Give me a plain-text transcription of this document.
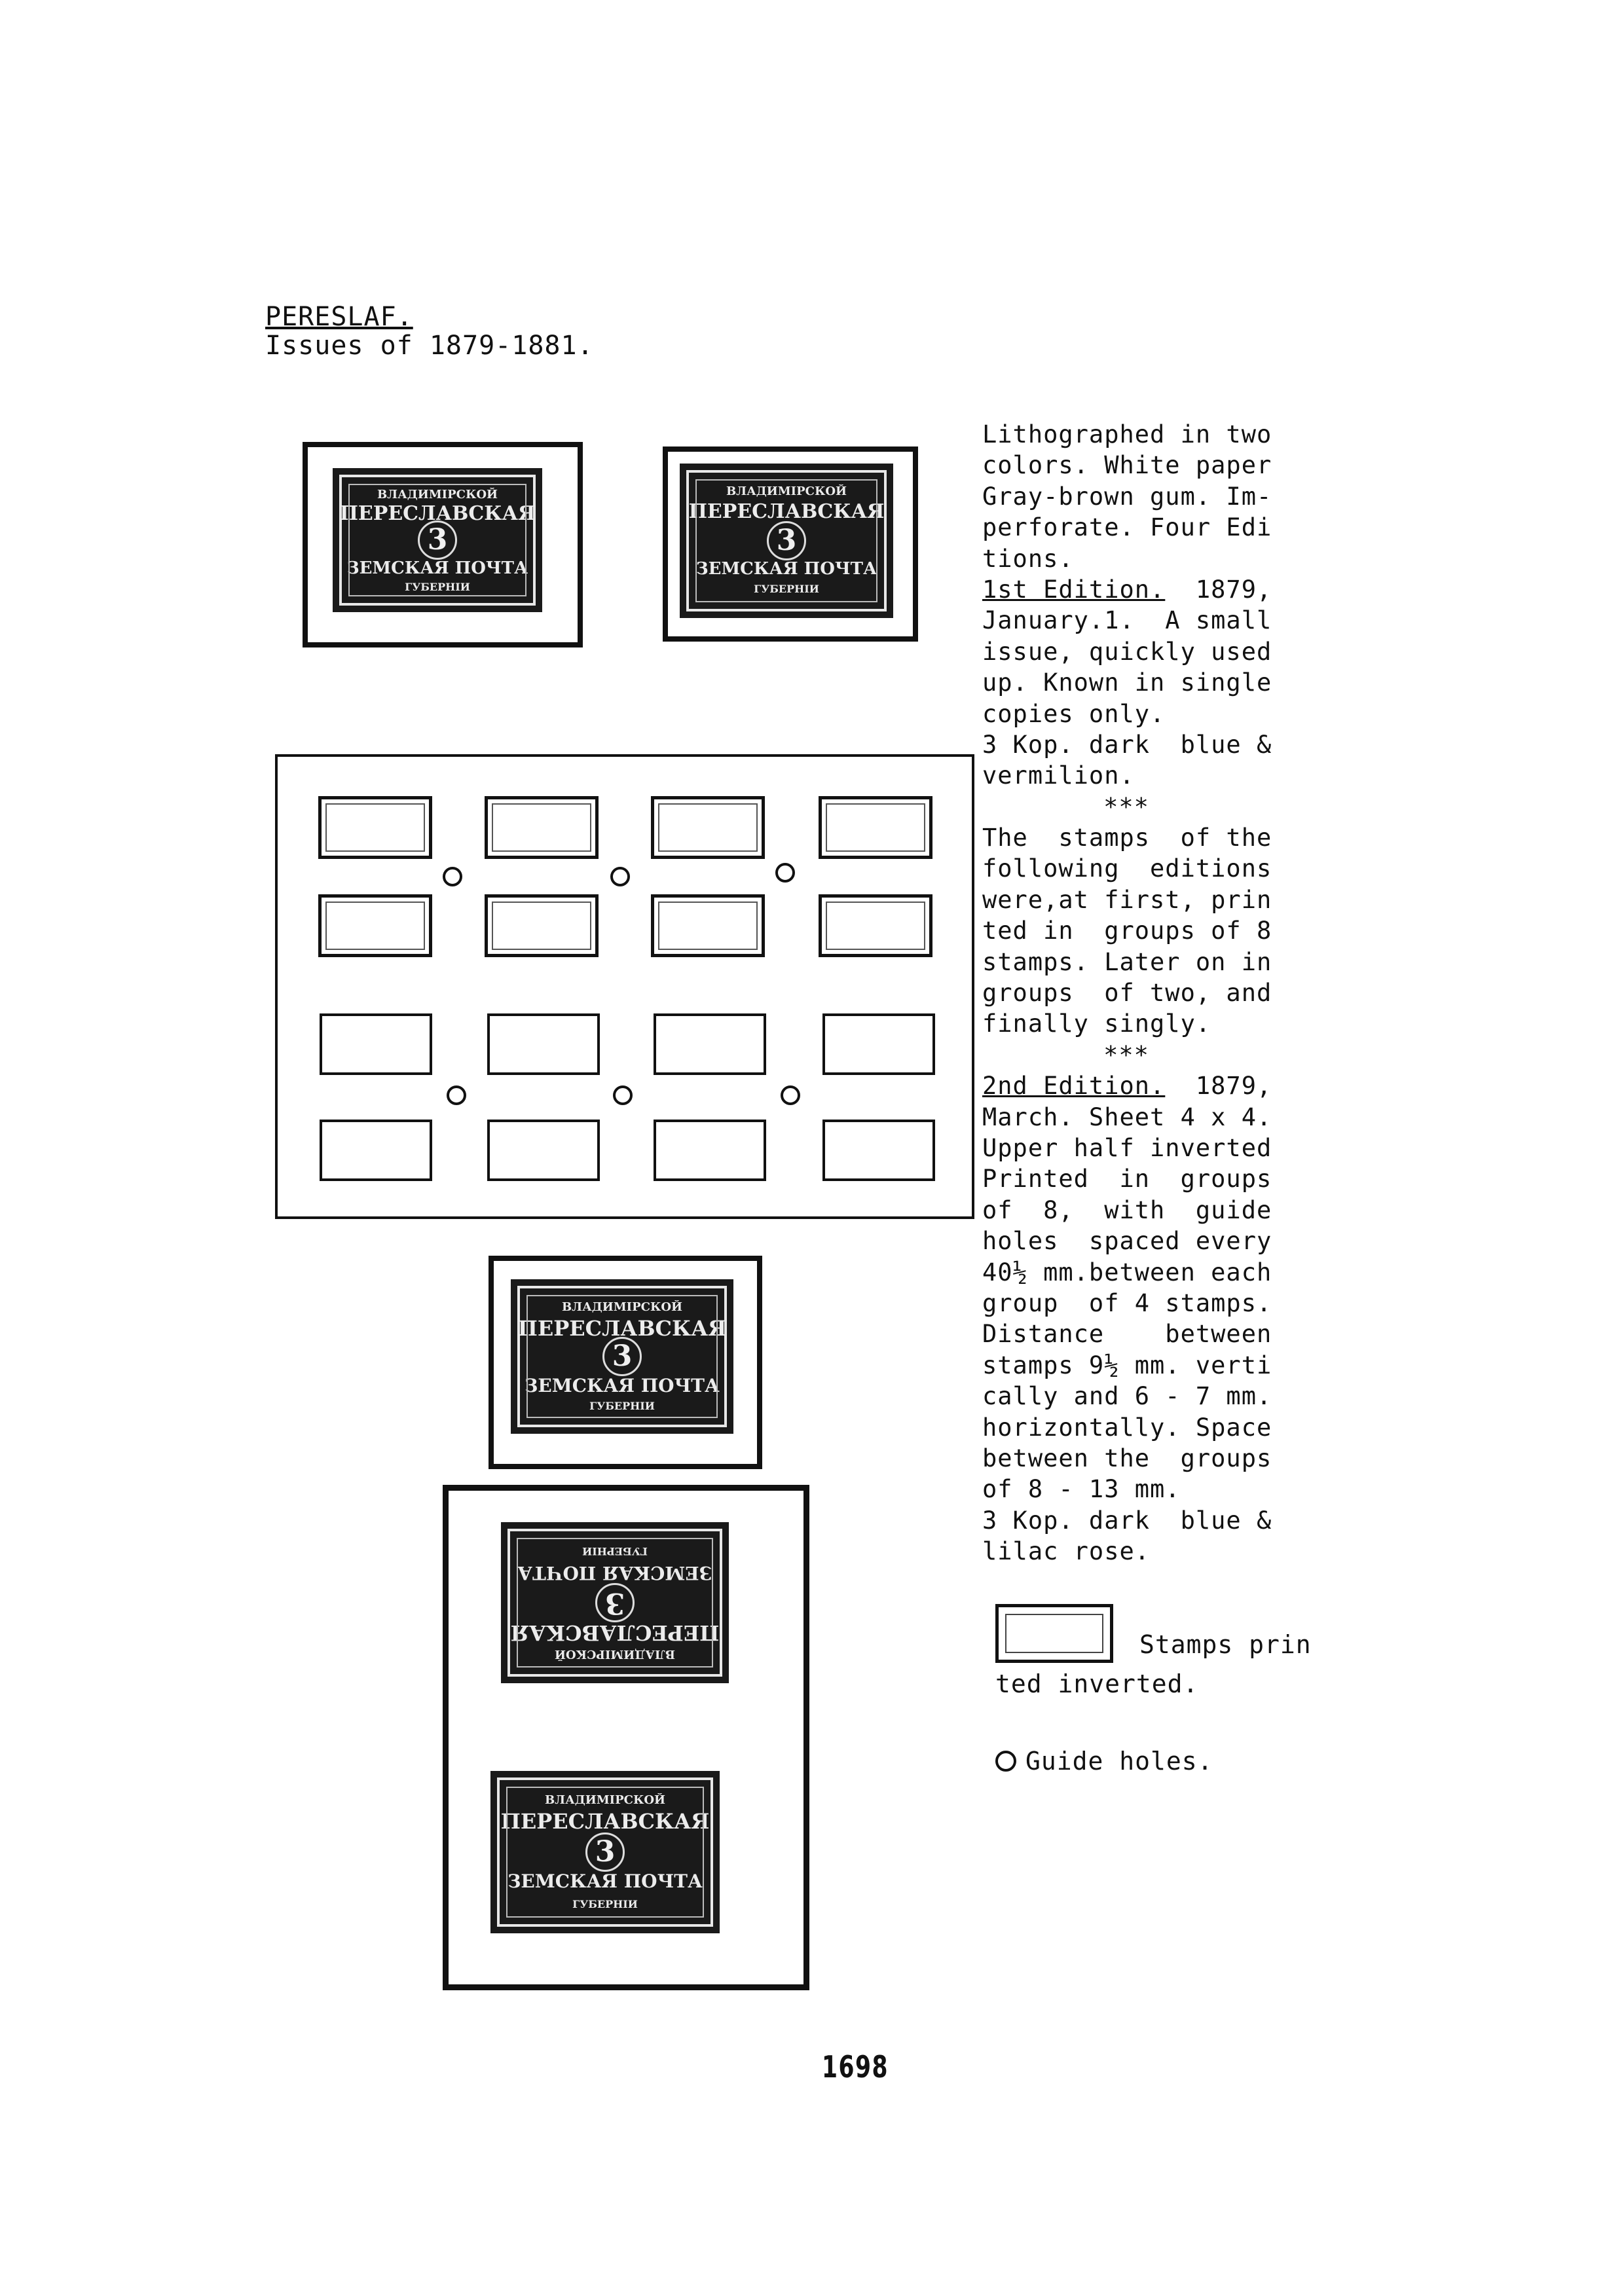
PERESLAF.
Issues of 1879-1881.
ВЛАДИМIРСКОЙ
ПЕРЕСЛАВСКАЯ
3
ЗЕМСКАЯ ПОЧТА
ГУБЕРНIИ
ВЛАДИМIРСКОЙ
ПЕРЕСЛАВСКАЯ
3
ЗЕМСКАЯ ПОЧТА
ГУБЕРНIИ
ВЛАДИМIРСКОЙ
ПЕРЕСЛАВСКАЯ
3
ЗЕМСКАЯ ПОЧТА
ГУБЕРНIИ
ВЛАДИМIРСКОЙ
ПЕРЕСЛАВСКАЯ
3
ЗЕМСКАЯ ПОЧТА
ГУБЕРНIИ
ВЛАДИМIРСКОЙ
ПЕРЕСЛАВСКАЯ
3
ЗЕМСКАЯ ПОЧТА
ГУБЕРНIИ
Lithographed in two
colors. White paper
Gray-brown gum. Im-
perforate. Four Edi
tions.
1st Edition.  1879,
January.1.  A small
issue, quickly used
up. Known in single
copies only.
3 Kop. dark  blue &
vermilion.
***
The  stamps  of the
following  editions
were,at first, prin
ted in  groups of 8
stamps. Later on in
groups  of two, and
finally singly.
***
2nd Edition.  1879,
March. Sheet 4 x 4.
Upper half inverted
Printed  in  groups
of  8,  with  guide
holes  spaced every
40½ mm.between each
group  of 4 stamps.
Distance    between
stamps 9½ mm. verti
cally and 6 - 7 mm.
horizontally. Space
between the  groups
of 8 - 13 mm.
3 Kop. dark  blue &
lilac rose.
Stamps prin
ted inverted.
Guide holes.
1698
